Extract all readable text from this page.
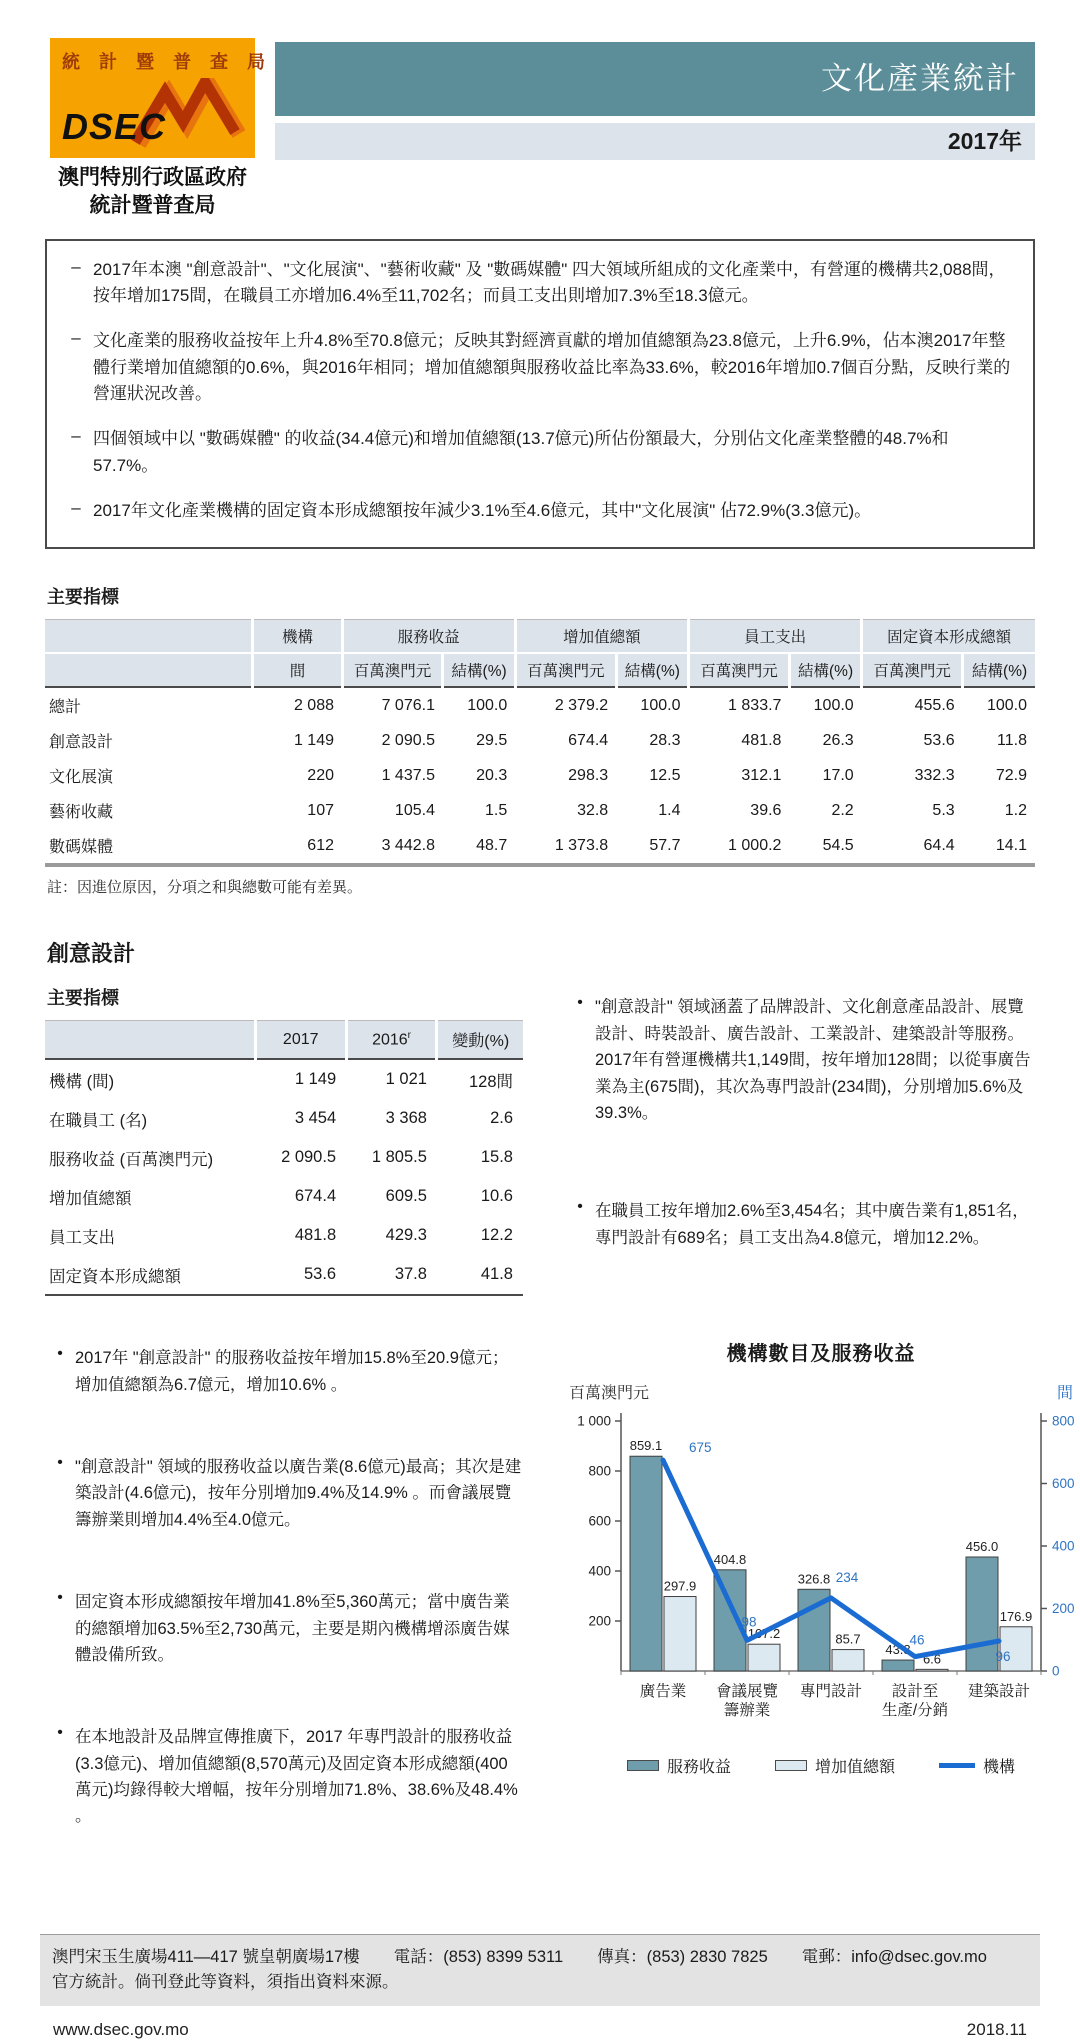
統 計 暨 普 查 局
DSEC
澳門特別行政區政府
統計暨普查局
文化產業統計
2017年
– 2017年本澳 "創意設計"、"文化展演"、"藝術收藏" 及 "數碼媒體" 四大領域所組成的文化產業中，有營運的機構共2,088間，按年增加175間，在職員工亦增加6.4%至11,702名；而員工支出則增加7.3%至18.3億元。

– 文化產業的服務收益按年上升4.8%至70.8億元；反映其對經濟貢獻的增加值總額為23.8億元，上升6.9%，佔本澳2017年整體行業增加值總額的0.6%，與2016年相同；增加值總額與服務收益比率為33.6%，較2016年增加0.7個百分點，反映行業的營運狀況改善。

– 四個領域中以 "數碼媒體" 的收益(34.4億元)和增加值總額(13.7億元)所佔份額最大，分別佔文化產業整體的48.7%和57.7%。

– 2017年文化產業機構的固定資本形成總額按年減少3.1%至4.6億元，其中"文化展演" 佔72.9%(3.3億元)。

主要指標
	機構	服務收益		增加值總額		員工支出		固定資本形成總額	
	間	百萬澳門元	結構(%)	百萬澳門元	結構(%)	百萬澳門元	結構(%)	百萬澳門元	結構(%)
總計	2 088	7 076.1	100.0	2 379.2	100.0	1 833.7	100.0	455.6	100.0
創意設計	1 149	2 090.5	29.5	674.4	28.3	481.8	26.3	53.6	11.8
文化展演	220	1 437.5	20.3	298.3	12.5	312.1	17.0	332.3	72.9
藝術收藏	107	105.4	1.5	32.8	1.4	39.6	2.2	5.3	1.2
數碼媒體	612	3 442.8	48.7	1 373.8	57.7	1 000.2	54.5	64.4	14.1
註：因進位原因，分項之和與總數可能有差異。
創意設計
主要指標
	2017	2016$^r$	變動(%)
機構 (間)	1 149	1 021	128間
在職員工 (名)	3 454	3 368	2.6
服務收益 (百萬澳門元)	2 090.5	1 805.5	15.8
增加值總額	674.4	609.5	10.6
員工支出	481.8	429.3	12.2
固定資本形成總額	53.6	37.8	41.8
• "創意設計" 領域涵蓋了品牌設計、文化創意產品設計、展覽設計、時裝設計、廣告設計、工業設計、建築設計等服務。2017年有營運機構共1,149間，按年增加128間；以從事廣告業為主(675間)，其次為專門設計(234間)，分別增加5.6%及39.3%。

• 在職員工按年增加2.6%至3,454名；其中廣告業有1,851名，專門設計有689名；員工支出為4.8億元，增加12.2%。

• 2017年 "創意設計" 的服務收益按年增加15.8%至20.9億元；增加值總額為6.7億元，增加10.6% 。

• "創意設計" 領域的服務收益以廣告業(8.6億元)最高；其次是建築設計(4.6億元)，按年分別增加9.4%及14.9% 。而會議展覽籌辦業則增加4.4%至4.0億元。

• 固定資本形成總額按年增加41.8%至5,360萬元；當中廣告業的總額增加63.5%至2,730萬元，主要是期內機構增添廣告媒體設備所致。

• 在本地設計及品牌宣傳推廣下，2017 年專門設計的服務收益(3.3億元)、增加值總額(8,570萬元)及固定資本形成總額(400萬元)均錄得較大增幅，按年分別增加71.8%、38.6%及48.4% 。

機構數目及服務收益
百萬澳門元	間
1 000
800
600
400
200
800
600
400
200
0
859.1
404.8
326.8
43.8
456.0
297.9
107.2	85.7
6.6
176.9
675
98
234
46
96
廣告業 會議展覽籌辦業
專門設計	設計至生產/分銷
建築設計
服務收益	增加值總額	機構
澳門宋玉生廣場411—417 號皇朝廣場17樓 電話：(853) 8399 5311 傳真：(853) 2830 7825 電郵：info@dsec.gov.mo
官方統計。倘刊登此等資料，須指出資料來源。
www.dsec.gov.mo	2018.11
